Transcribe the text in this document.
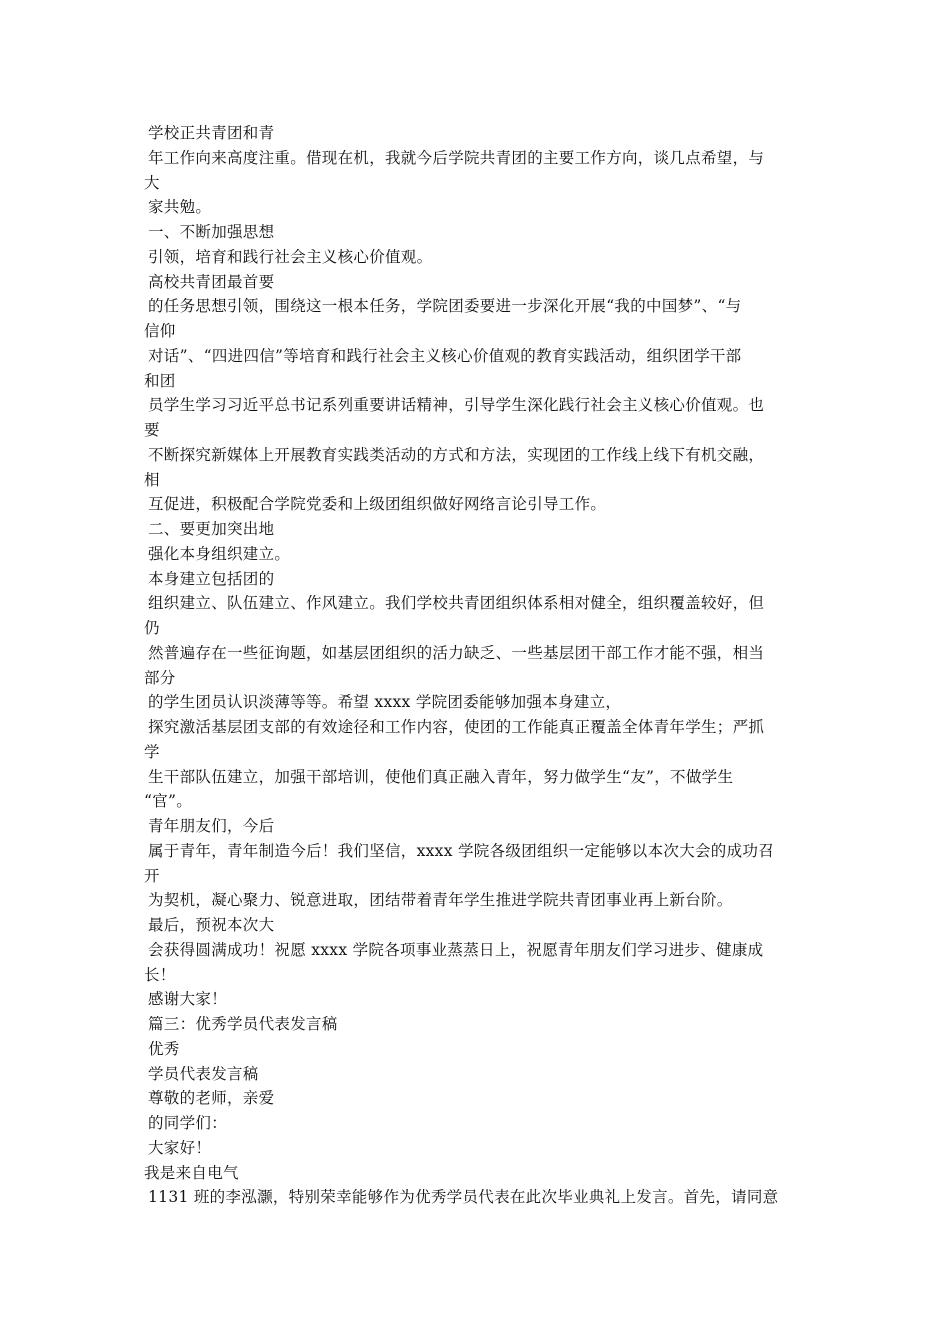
学校正共青团和青
年工作向来高度注重。借现在机，我就今后学院共青团的主要工作方向，谈几点希望，与
大
家共勉。
一、不断加强思想
引领，培育和践行社会主义核心价值观。
高校共青团最首要
的任务思想引领，围绕这一根本任务，学院团委要进一步深化开展“我的中国梦”、“与
信仰
对话”、“四进四信”等培育和践行社会主义核心价值观的教育实践活动，组织团学干部
和团
员学生学习习近平总书记系列重要讲话精神，引导学生深化践行社会主义核心价值观。也
要
不断探究新媒体上开展教育实践类活动的方式和方法，实现团的工作线上线下有机交融，
相
互促进，积极配合学院党委和上级团组织做好网络言论引导工作。
二、要更加突出地
强化本身组织建立。
本身建立包括团的
组织建立、队伍建立、作风建立。我们学校共青团组织体系相对健全，组织覆盖较好，但
仍
然普遍存在一些征询题，如基层团组织的活力缺乏、一些基层团干部工作才能不强，相当
部分
的学生团员认识淡薄等等。希望 xxxx 学院团委能够加强本身建立，
探究激活基层团支部的有效途径和工作内容，使团的工作能真正覆盖全体青年学生；严抓
学
生干部队伍建立，加强干部培训，使他们真正融入青年，努力做学生“友”，不做学生
“官”。
青年朋友们，今后
属于青年，青年制造今后！我们坚信，xxxx 学院各级团组织一定能够以本次大会的成功召
开
为契机，凝心聚力、锐意进取，团结带着青年学生推进学院共青团事业再上新台阶。
最后，预祝本次大
会获得圆满成功！祝愿 xxxx 学院各项事业蒸蒸日上，祝愿青年朋友们学习进步、健康成
长！
感谢大家！
篇三：优秀学员代表发言稿
优秀
学员代表发言稿
尊敬的老师，亲爱
的同学们：
大家好！
我是来自电气
1131 班的李泓灏，特别荣幸能够作为优秀学员代表在此次毕业典礼上发言。首先，请同意
